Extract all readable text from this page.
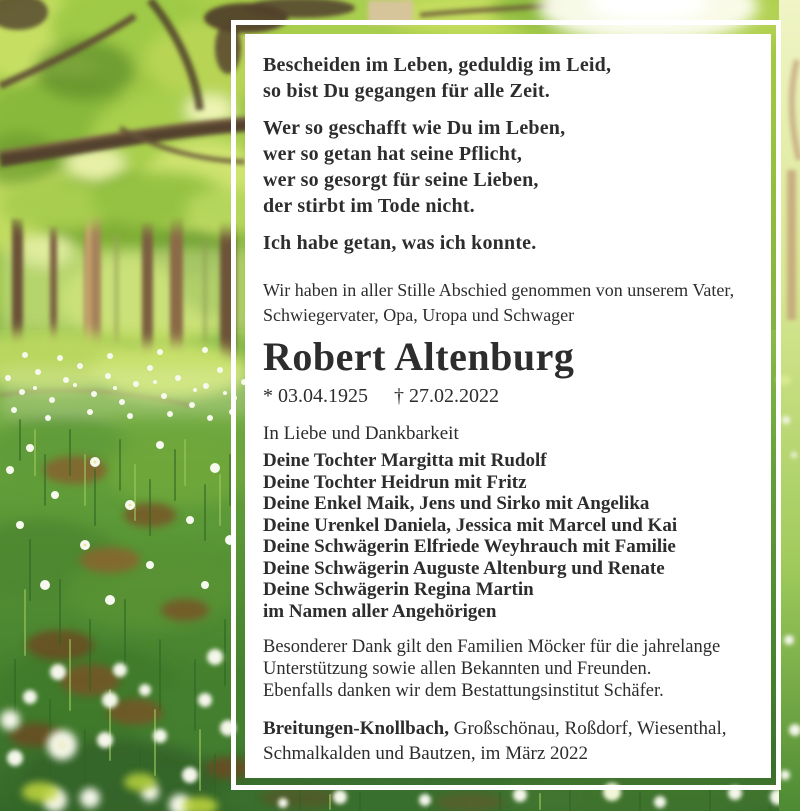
Bescheiden im Leben, geduldig im Leid,
so bist Du gegangen für alle Zeit.
Wer so geschafft wie Du im Leben,
wer so getan hat seine Pflicht,
wer so gesorgt für seine Lieben,
der stirbt im Tode nicht.
Ich habe getan, was ich konnte.
Wir haben in aller Stille Abschied genommen von unserem Vater,
Schwiegervater, Opa, Uropa und Schwager
Robert Altenburg
* 03.04.1925 † 27.02.2022
In Liebe und Dankbarkeit
Deine Tochter Margitta mit Rudolf
Deine Tochter Heidrun mit Fritz
Deine Enkel Maik, Jens und Sirko mit Angelika
Deine Urenkel Daniela, Jessica mit Marcel und Kai
Deine Schwägerin Elfriede Weyhrauch mit Familie
Deine Schwägerin Auguste Altenburg und Renate
Deine Schwägerin Regina Martin
im Namen aller Angehörigen
Besonderer Dank gilt den Familien Möcker für die jahrelange
Unterstützung sowie allen Bekannten und Freunden.
Ebenfalls danken wir dem Bestattungsinstitut Schäfer.
Breitungen-Knollbach, Großschönau, Roßdorf, Wiesenthal,
Schmalkalden und Bautzen, im März 2022
